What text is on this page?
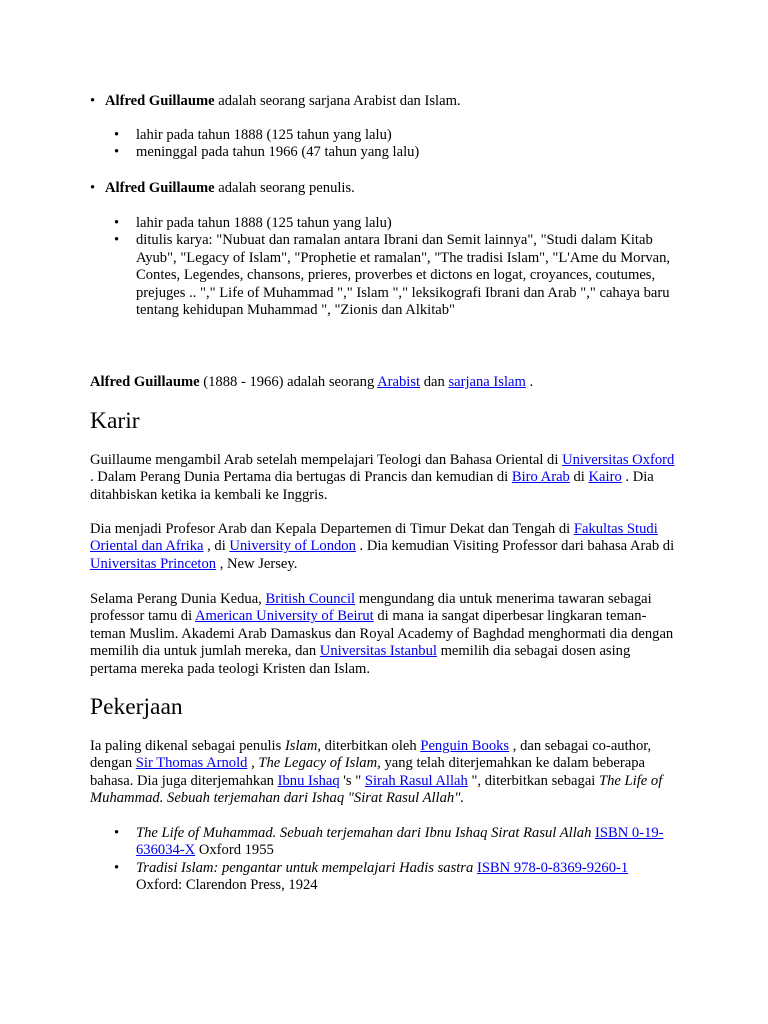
• Alfred Guillaume adalah seorang sarjana Arabist dan Islam.
• lahir pada tahun 1888 (125 tahun yang lalu)
• meninggal pada tahun 1966 (47 tahun yang lalu)
• Alfred Guillaume adalah seorang penulis.
• lahir pada tahun 1888 (125 tahun yang lalu)
• ditulis karya: "Nubuat dan ramalan antara Ibrani dan Semit lainnya", "Studi dalam Kitab Ayub", "Legacy of Islam", "Prophetie et ramalan", "The tradisi Islam", "L'Ame du Morvan, Contes, Legendes, chansons, prieres, proverbes et dictons en logat, croyances, coutumes, prejuges .. "," Life of Muhammad "," Islam "," leksikografi Ibrani dan Arab "," cahaya baru tentang kehidupan Muhammad ", "Zionis dan Alkitab"

Alfred Guillaume (1888 - 1966) adalah seorang Arabist dan sarjana Islam .

Karir

Guillaume mengambil Arab setelah mempelajari Teologi dan Bahasa Oriental di Universitas Oxford . Dalam Perang Dunia Pertama dia bertugas di Prancis dan kemudian di Biro Arab di Kairo . Dia ditahbiskan ketika ia kembali ke Inggris.

Dia menjadi Profesor Arab dan Kepala Departemen di Timur Dekat dan Tengah di Fakultas Studi Oriental dan Afrika , di University of London . Dia kemudian Visiting Professor dari bahasa Arab di Universitas Princeton , New Jersey.

Selama Perang Dunia Kedua, British Council mengundang dia untuk menerima tawaran sebagai professor tamu di American University of Beirut di mana ia sangat diperbesar lingkaran teman-teman Muslim. Akademi Arab Damaskus dan Royal Academy of Baghdad menghormati dia dengan memilih dia untuk jumlah mereka, dan Universitas Istanbul memilih dia sebagai dosen asing pertama mereka pada teologi Kristen dan Islam.

Pekerjaan

Ia paling dikenal sebagai penulis Islam, diterbitkan oleh Penguin Books , dan sebagai co-author, dengan Sir Thomas Arnold , The Legacy of Islam, yang telah diterjemahkan ke dalam beberapa bahasa. Dia juga diterjemahkan Ibnu Ishaq 's " Sirah Rasul Allah ", diterbitkan sebagai The Life of Muhammad. Sebuah terjemahan dari Ishaq "Sirat Rasul Allah".

• The Life of Muhammad. Sebuah terjemahan dari Ibnu Ishaq Sirat Rasul Allah ISBN 0-19-636034-X Oxford 1955
• Tradisi Islam: pengantar untuk mempelajari Hadis sastra ISBN 978-0-8369-9260-1
Oxford: Clarendon Press, 1924
